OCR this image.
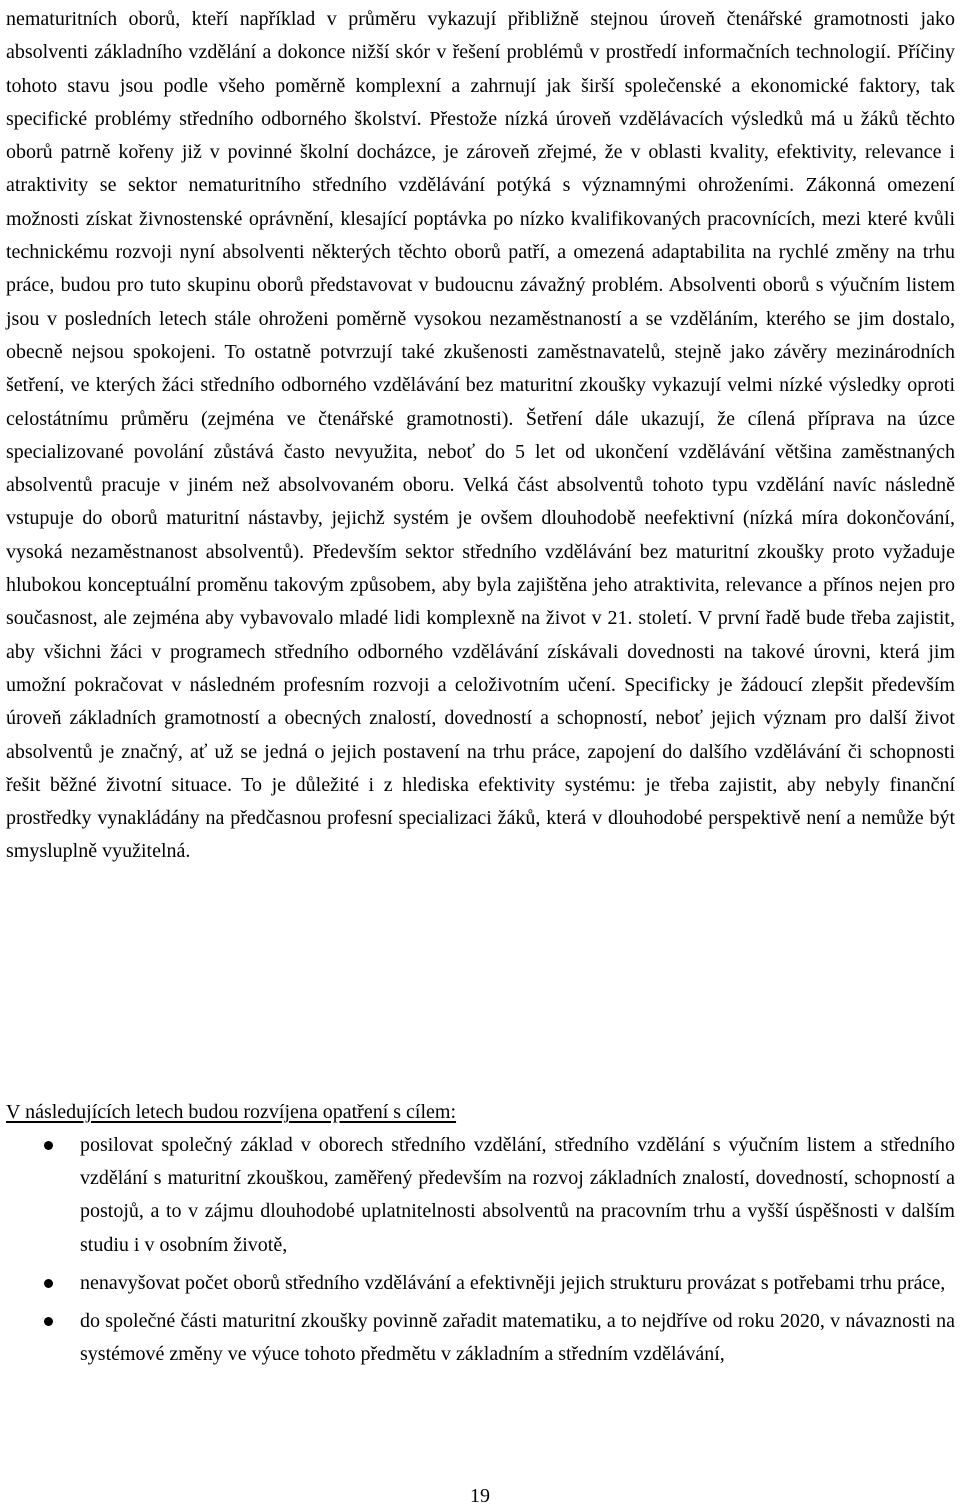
nematuritních oborů, kteří například v průměru vykazují přibližně stejnou úroveň čtenářské gramotnosti jako absolventi základního vzdělání a dokonce nižší skór v řešení problémů v prostředí informačních technologií. Příčiny tohoto stavu jsou podle všeho poměrně komplexní a zahrnují jak širší společenské a ekonomické faktory, tak specifické problémy středního odborného školství. Přestože nízká úroveň vzdělávacích výsledků má u žáků těchto oborů patrně kořeny již v povinné školní docházce, je zároveň zřejmé, že v oblasti kvality, efektivity, relevance i atraktivity se sektor nematuritního středního vzdělávání potýká s významnými ohroženími. Zákonná omezení možnosti získat živnostenské oprávnění, klesající poptávka po nízko kvalifikovaných pracovnících, mezi které kvůli technickému rozvoji nyní absolventi některých těchto oborů patří, a omezená adaptabilita na rychlé změny na trhu práce, budou pro tuto skupinu oborů představovat v budoucnu závažný problém. Absolventi oborů s výučním listem jsou v posledních letech stále ohroženi poměrně vysokou nezaměstnaností a se vzděláním, kterého se jim dostalo, obecně nejsou spokojeni. To ostatně potvrzují také zkušenosti zaměstnavatelů, stejně jako závěry mezinárodních šetření, ve kterých žáci středního odborného vzdělávání bez maturitní zkoušky vykazují velmi nízké výsledky oproti celostátnímu průměru (zejména ve čtenářské gramotnosti). Šetření dále ukazují, že cílená příprava na úzce specializované povolání zůstává často nevyužita, neboť do 5 let od ukončení vzdělávání většina zaměstnaných absolventů pracuje v jiném než absolvovaném oboru. Velká část absolventů tohoto typu vzdělání navíc následně vstupuje do oborů maturitní nástavby, jejichž systém je ovšem dlouhodobě neefektivní (nízká míra dokončování, vysoká nezaměstnanost absolventů). Především sektor středního vzdělávání bez maturitní zkoušky proto vyžaduje hlubokou konceptuální proměnu takovým způsobem, aby byla zajištěna jeho atraktivita, relevance a přínos nejen pro současnost, ale zejména aby vybavovalo mladé lidi komplexně na život v 21. století. V první řadě bude třeba zajistit, aby všichni žáci v programech středního odborného vzdělávání získávali dovednosti na takové úrovni, která jim umožní pokračovat v následném profesním rozvoji a celoživotním učení. Specificky je žádoucí zlepšit především úroveň základních gramotností a obecných znalostí, dovedností a schopností, neboť jejich význam pro další život absolventů je značný, ať už se jedná o jejich postavení na trhu práce, zapojení do dalšího vzdělávání či schopnosti řešit běžné životní situace. To je důležité i z hlediska efektivity systému: je třeba zajistit, aby nebyly finanční prostředky vynakládány na předčasnou profesní specializaci žáků, která v dlouhodobé perspektivě není a nemůže být smysluplně využitelná.

V následujících letech budou rozvíjena opatření s cílem:

posilovat společný základ v oborech středního vzdělání, středního vzdělání s výučním listem a středního vzdělání s maturitní zkouškou, zaměřený především na rozvoj základních znalostí, dovedností, schopností a postojů, a to v zájmu dlouhodobé uplatnitelnosti absolventů na pracovním trhu a vyšší úspěšnosti v dalším studiu i v osobním životě,
nenavyšovat počet oborů středního vzdělávání a efektivněji jejich strukturu provázat s potřebami trhu práce,
do společné části maturitní zkoušky povinně zařadit matematiku, a to nejdříve od roku 2020, v návaznosti na systémové změny ve výuce tohoto předmětu v základním a středním vzdělávání,

19
